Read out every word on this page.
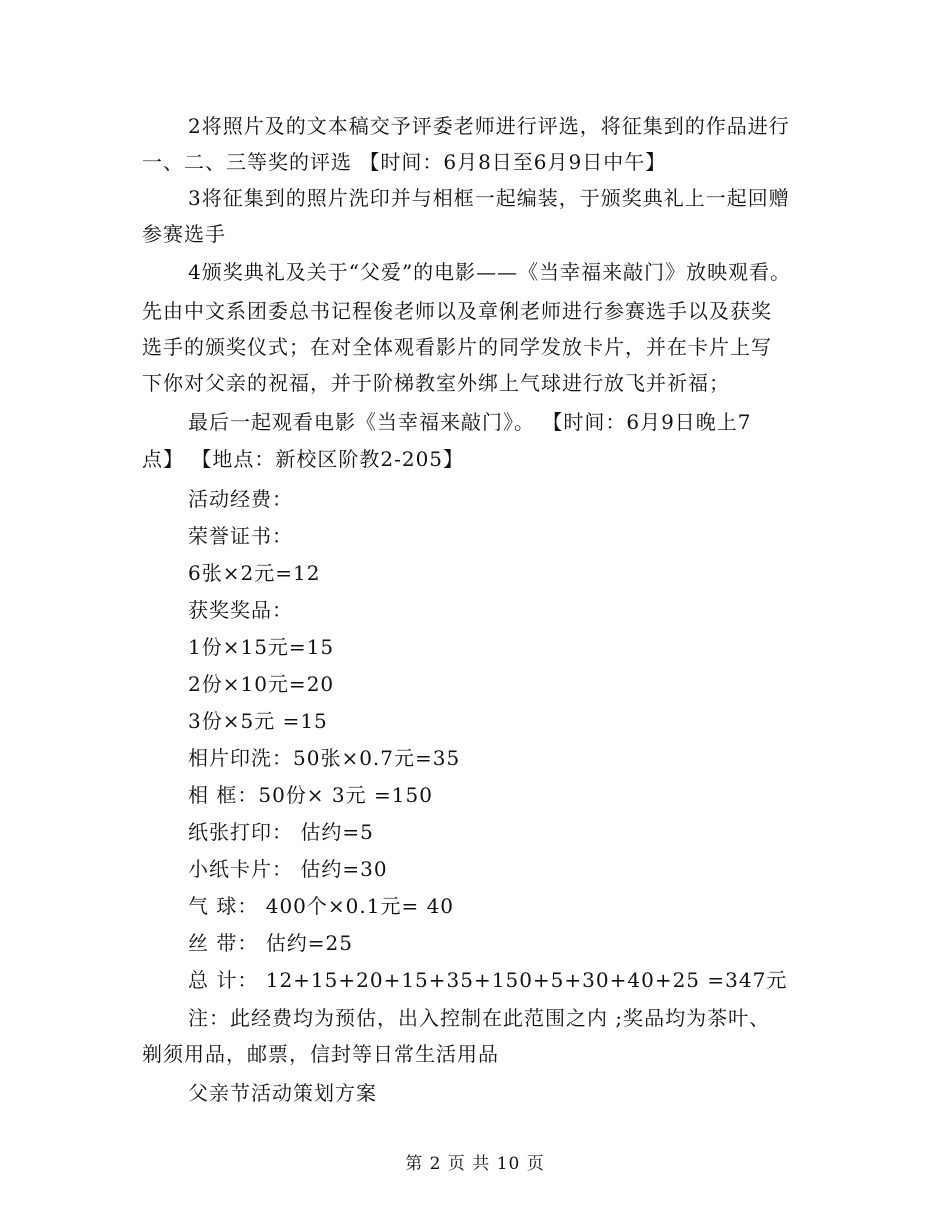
2将照片及的文本稿交予评委老师进行评选，将征集到的作品进行
一、二、三等奖的评选 【时间：6月8日至6月9日中午】
3将征集到的照片洗印并与相框一起编装，于颁奖典礼上一起回赠
参赛选手
4颁奖典礼及关于“父爱”的电影——《当幸福来敲门》放映观看。
先由中文系团委总书记程俊老师以及章俐老师进行参赛选手以及获奖
选手的颁奖仪式；在对全体观看影片的同学发放卡片，并在卡片上写
下你对父亲的祝福，并于阶梯教室外绑上气球进行放飞并祈福；
最后一起观看电影《当幸福来敲门》。 【时间：6月9日晚上7
点】 【地点：新校区阶教2-205】
活动经费：
荣誉证书：
6张×2元=12
获奖奖品：
1份×15元=15
2份×10元=20
3份×5元 =15
相片印洗：50张×0.7元=35
相 框：50份× 3元 =150
纸张打印： 估约=5
小纸卡片： 估约=30
气 球： 400个×0.1元= 40
丝 带： 估约=25
总 计： 12+15+20+15+35+150+5+30+40+25 =347元
注：此经费均为预估，出入控制在此范围之内 ;奖品均为茶叶、
剃须用品，邮票，信封等日常生活用品
父亲节活动策划方案
第 2 页 共 10 页
